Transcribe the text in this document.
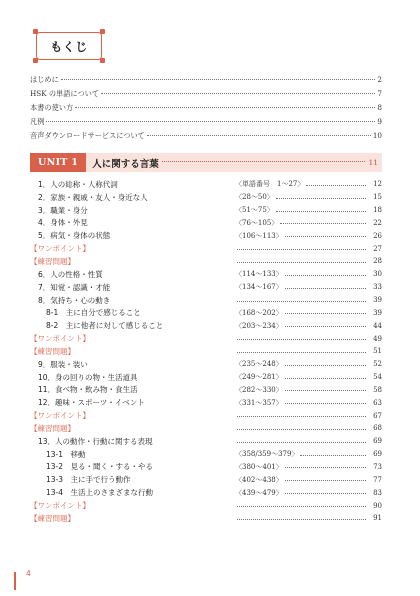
もくじ
はじめに	2
HSK の単語について	7
本書の使い方	8
凡例	9
音声ダウンロードサービスについて	10
UNIT 1	人に関する言葉	11
1．人の総称・人称代詞	〈単語番号　1～27〉	12
2．家族・親戚・友人・身近な人	〈28～50〉	15
3．職業・身分	〈51～75〉	18
4．身体・外見	〈76～105〉	22
5．病気・身体の状態	〈106～113〉	26
【ワンポイント】	27
【練習問題】	28
6．人の性格・性質	〈114～133〉	30
7．知覚・認識・才能	〈134～167〉	33
8．気持ち・心の動き	39
8-1　主に自分で感じること	〈168～202〉	39
8-2　主に他者に対して感じること	〈203～234〉	44
【ワンポイント】	49
【練習問題】	51
9．服装・装い	〈235～248〉	52
10．身の回りの物・生活道具	〈249～281〉	54
11．食べ物・飲み物・食生活	〈282～330〉	58
12．趣味・スポーツ・イベント	〈331～357〉	63
【ワンポイント】	67
【練習問題】	68
13．人の動作・行動に関する表現	69
13-1　移動	〈358/359～379〉	69
13-2　見る・聞く・する・やる	〈380～401〉	73
13-3　主に手で行う動作	〈402～438〉	77
13-4　生活上のさまざまな行動	〈439～479〉	83
【ワンポイント】	90
【練習問題】	91
4
